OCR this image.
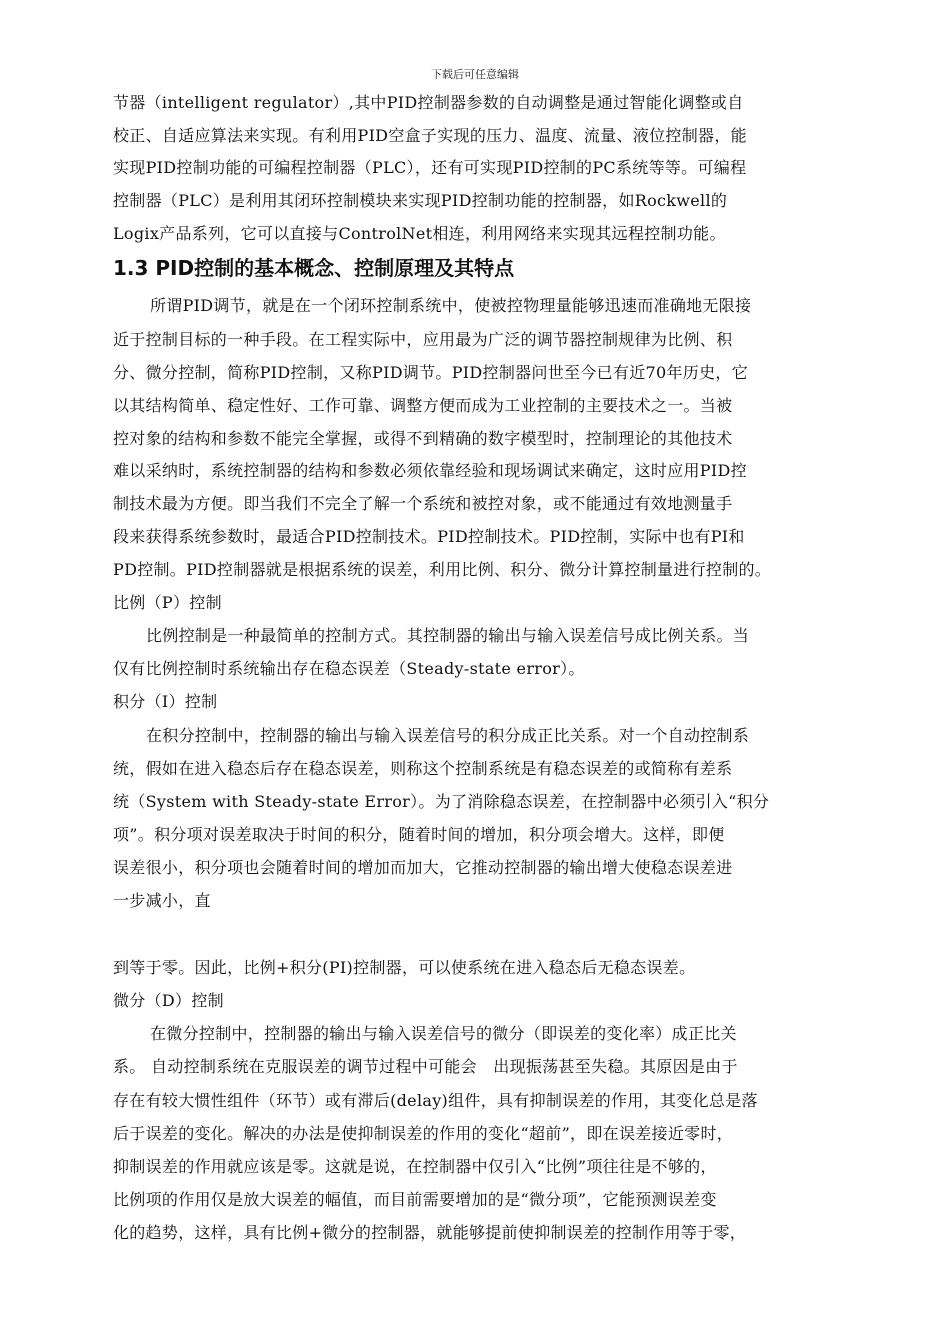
下载后可任意编辑
节器（intelligent regulator）,其中PID控制器参数的自动调整是通过智能化调整或自
校正、自适应算法来实现。有利用PID空盒子实现的压力、温度、流量、液位控制器，能
实现PID控制功能的可编程控制器（PLC），还有可实现PID控制的PC系统等等。可编程
控制器（PLC）是利用其闭环控制模块来实现PID控制功能的控制器，如Rockwell的
Logix产品系列，它可以直接与ControlNet相连，利用网络来实现其远程控制功能。
1.3 PID控制的基本概念、控制原理及其特点
所谓PID调节，就是在一个闭环控制系统中，使被控物理量能够迅速而准确地无限接
近于控制目标的一种手段。在工程实际中，应用最为广泛的调节器控制规律为比例、积
分、微分控制，简称PID控制，又称PID调节。PID控制器问世至今已有近70年历史，它
以其结构简单、稳定性好、工作可靠、调整方便而成为工业控制的主要技术之一。当被
控对象的结构和参数不能完全掌握，或得不到精确的数字模型时，控制理论的其他技术
难以采纳时，系统控制器的结构和参数必须依靠经验和现场调试来确定，这时应用PID控
制技术最为方便。即当我们不完全了解一个系统和被控对象，或不能通过有效地测量手
段来获得系统参数时，最适合PID控制技术。PID控制技术。PID控制，实际中也有PI和
PD控制。PID控制器就是根据系统的误差，利用比例、积分、微分计算控制量进行控制的。
比例（P）控制
比例控制是一种最简单的控制方式。其控制器的输出与输入误差信号成比例关系。当
仅有比例控制时系统输出存在稳态误差（Steady-state error）。
积分（I）控制
在积分控制中，控制器的输出与输入误差信号的积分成正比关系。对一个自动控制系
统，假如在进入稳态后存在稳态误差，则称这个控制系统是有稳态误差的或简称有差系
统（System with Steady-state Error）。为了消除稳态误差，在控制器中必须引入“积分
项”。积分项对误差取决于时间的积分，随着时间的增加，积分项会增大。这样，即便
误差很小，积分项也会随着时间的增加而加大，它推动控制器的输出增大使稳态误差进
一步减小，直
到等于零。因此，比例+积分(PI)控制器，可以使系统在进入稳态后无稳态误差。
微分（D）控制
在微分控制中，控制器的输出与输入误差信号的微分（即误差的变化率）成正比关
系。 自动控制系统在克服误差的调节过程中可能会　出现振荡甚至失稳。其原因是由于
存在有较大惯性组件（环节）或有滞后(delay)组件，具有抑制误差的作用，其变化总是落
后于误差的变化。解决的办法是使抑制误差的作用的变化“超前”，即在误差接近零时，
抑制误差的作用就应该是零。这就是说，在控制器中仅引入“比例”项往往是不够的，
比例项的作用仅是放大误差的幅值，而目前需要增加的是“微分项”，它能预测误差变
化的趋势，这样，具有比例+微分的控制器，就能够提前使抑制误差的控制作用等于零，
